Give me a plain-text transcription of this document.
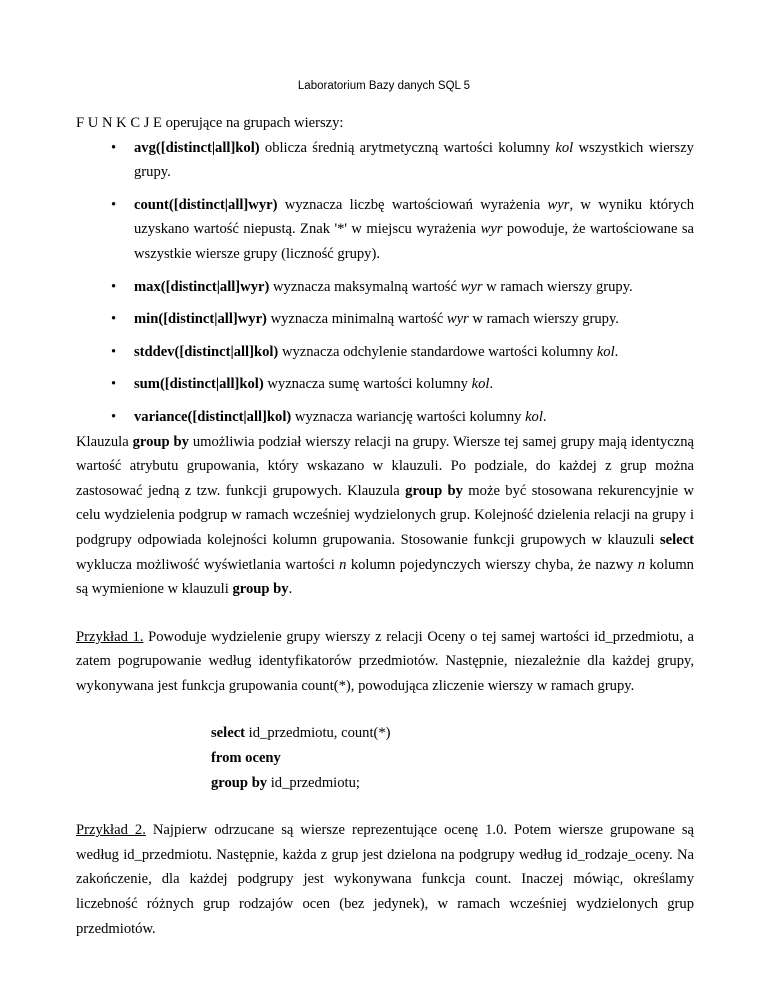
Laboratorium Bazy danych SQL 5

F U N K C J E operujące na grupach wierszy:

• avg([distinct|all]kol) oblicza średnią arytmetyczną wartości kolumny kol wszystkich wierszy grupy.
• count([distinct|all]wyr) wyznacza liczbę wartościowań wyrażenia wyr, w wyniku których uzyskano wartość niepustą. Znak '*' w miejscu wyrażenia wyr powoduje, że wartościowane sa wszystkie wiersze grupy (liczność grupy).
• max([distinct|all]wyr) wyznacza maksymalną wartość wyr w ramach wierszy grupy.
• min([distinct|all]wyr) wyznacza minimalną wartość wyr w ramach wierszy grupy.
• stddev([distinct|all]kol) wyznacza odchylenie standardowe wartości kolumny kol.
• sum([distinct|all]kol) wyznacza sumę wartości kolumny kol.
• variance([distinct|all]kol) wyznacza wariancję wartości kolumny kol.

Klauzula group by umożliwia podział wierszy relacji na grupy. Wiersze tej samej grupy mają identyczną wartość atrybutu grupowania, który wskazano w klauzuli. Po podziale, do każdej z grup można zastosować jedną z tzw. funkcji grupowych. Klauzula group by może być stosowana rekurencyjnie w celu wydzielenia podgrup w ramach wcześniej wydzielonych grup. Kolejność dzielenia relacji na grupy i podgrupy odpowiada kolejności kolumn grupowania. Stosowanie funkcji grupowych w klauzuli select wyklucza możliwość wyświetlania wartości n kolumn pojedynczych wierszy chyba, że nazwy n kolumn są wymienione w klauzuli group by.

Przykład 1. Powoduje wydzielenie grupy wierszy z relacji Oceny o tej samej wartości id_przedmiotu, a zatem pogrupowanie według identyfikatorów przedmiotów. Następnie, niezależnie dla każdej grupy, wykonywana jest funkcja grupowania count(*), powodująca zliczenie wierszy w ramach grupy.

select id_przedmiotu, count(*)
from oceny
group by id_przedmiotu;

Przykład 2. Najpierw odrzucane są wiersze reprezentujące ocenę 1.0. Potem wiersze grupowane są według id_przedmiotu. Następnie, każda z grup jest dzielona na podgrupy według id_rodzaje_oceny. Na zakończenie, dla każdej podgrupy jest wykonywana funkcja count. Inaczej mówiąc, określamy liczebność różnych grup rodzajów ocen (bez jedynek), w ramach wcześniej wydzielonych grup przedmiotów.
